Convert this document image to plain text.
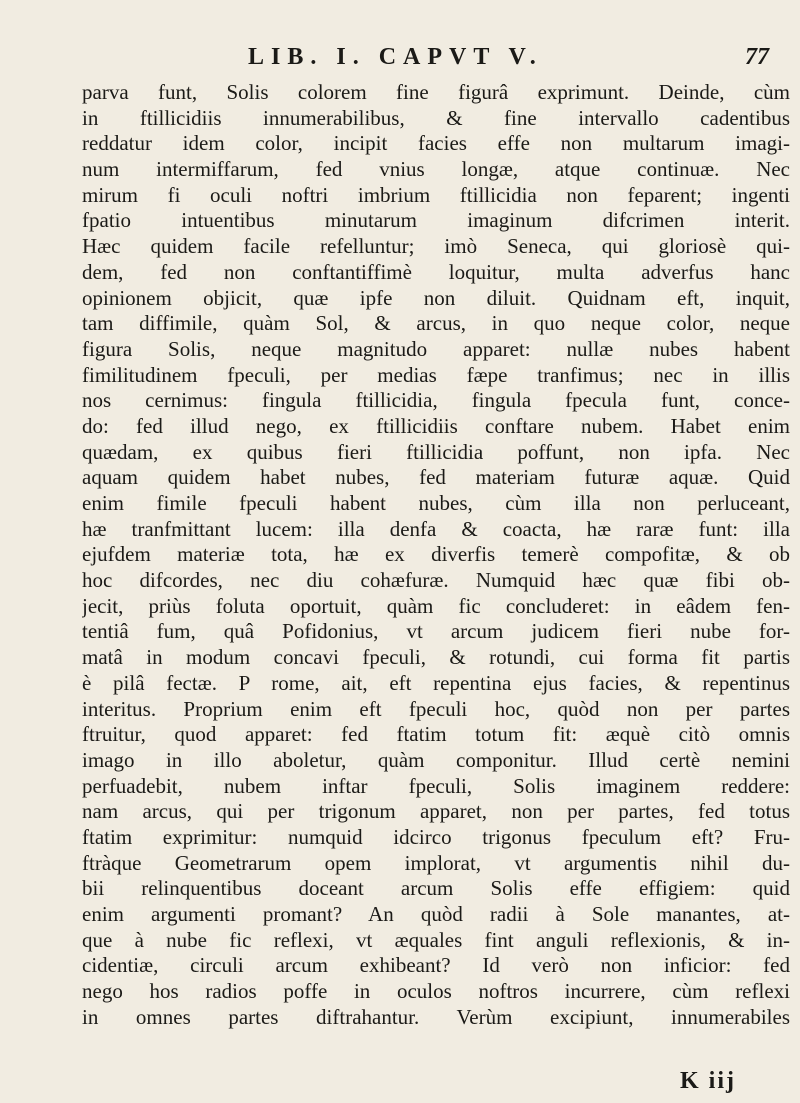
LIB. I. CAPVT V.	77
parva funt, Solis colorem fine figurâ exprimunt. Deinde, cùm
in ftillicidiis innumerabilibus, & fine intervallo cadentibus
reddatur idem color, incipit facies effe non multarum imagi-
num intermiffarum, fed vnius longæ, atque continuæ. Nec
mirum fi oculi noftri imbrium ftillicidia non feparent; ingenti
fpatio intuentibus minutarum imaginum difcrimen interit.
Hæc quidem facile refelluntur; imò Seneca, qui gloriosè qui-
dem, fed non conftantiffimè loquitur, multa adverfus hanc
opinionem objicit, quæ ipfe non diluit. Quidnam eft, inquit,
tam diffimile, quàm Sol, & arcus, in quo neque color, neque
figura Solis, neque magnitudo apparet: nullæ nubes habent
fimilitudinem fpeculi, per medias fæpe tranfimus; nec in illis
nos cernimus: fingula ftillicidia, fingula fpecula funt, conce-
do: fed illud nego, ex ftillicidiis conftare nubem. Habet enim
quædam, ex quibus fieri ftillicidia poffunt, non ipfa. Nec
aquam quidem habet nubes, fed materiam futuræ aquæ. Quid
enim fimile fpeculi habent nubes, cùm illa non perluceant,
hæ tranfmittant lucem: illa denfa & coacta, hæ raræ funt: illa
ejufdem materiæ tota, hæ ex diverfis temerè compofitæ, & ob
hoc difcordes, nec diu cohæfuræ. Numquid hæc quæ fibi ob-
jecit, priùs foluta oportuit, quàm fic concluderet: in eâdem fen-
tentiâ fum, quâ Pofidonius, vt arcum judicem fieri nube for-
matâ in modum concavi fpeculi, & rotundi, cui forma fit partis
è pilâ fectæ. P rome, ait, eft repentina ejus facies, & repentinus
interitus. Proprium enim eft fpeculi hoc, quòd non per partes
ftruitur, quod apparet: fed ftatim totum fit: æquè citò omnis
imago in illo aboletur, quàm componitur. Illud certè nemini
perfuadebit, nubem inftar fpeculi, Solis imaginem reddere:
nam arcus, qui per trigonum apparet, non per partes, fed totus
ftatim exprimitur: numquid idcirco trigonus fpeculum eft? Fru-
ftràque Geometrarum opem implorat, vt argumentis nihil du-
bii relinquentibus doceant arcum Solis effe effigiem: quid
enim argumenti promant? An quòd radii à Sole manantes, at-
que à nube fic reflexi, vt æquales fint anguli reflexionis, & in-
cidentiæ, circuli arcum exhibeant? Id verò non inficior: fed
nego hos radios poffe in oculos noftros incurrere, cùm reflexi
in omnes partes diftrahantur. Verùm excipiunt, innumerabiles
K iij
